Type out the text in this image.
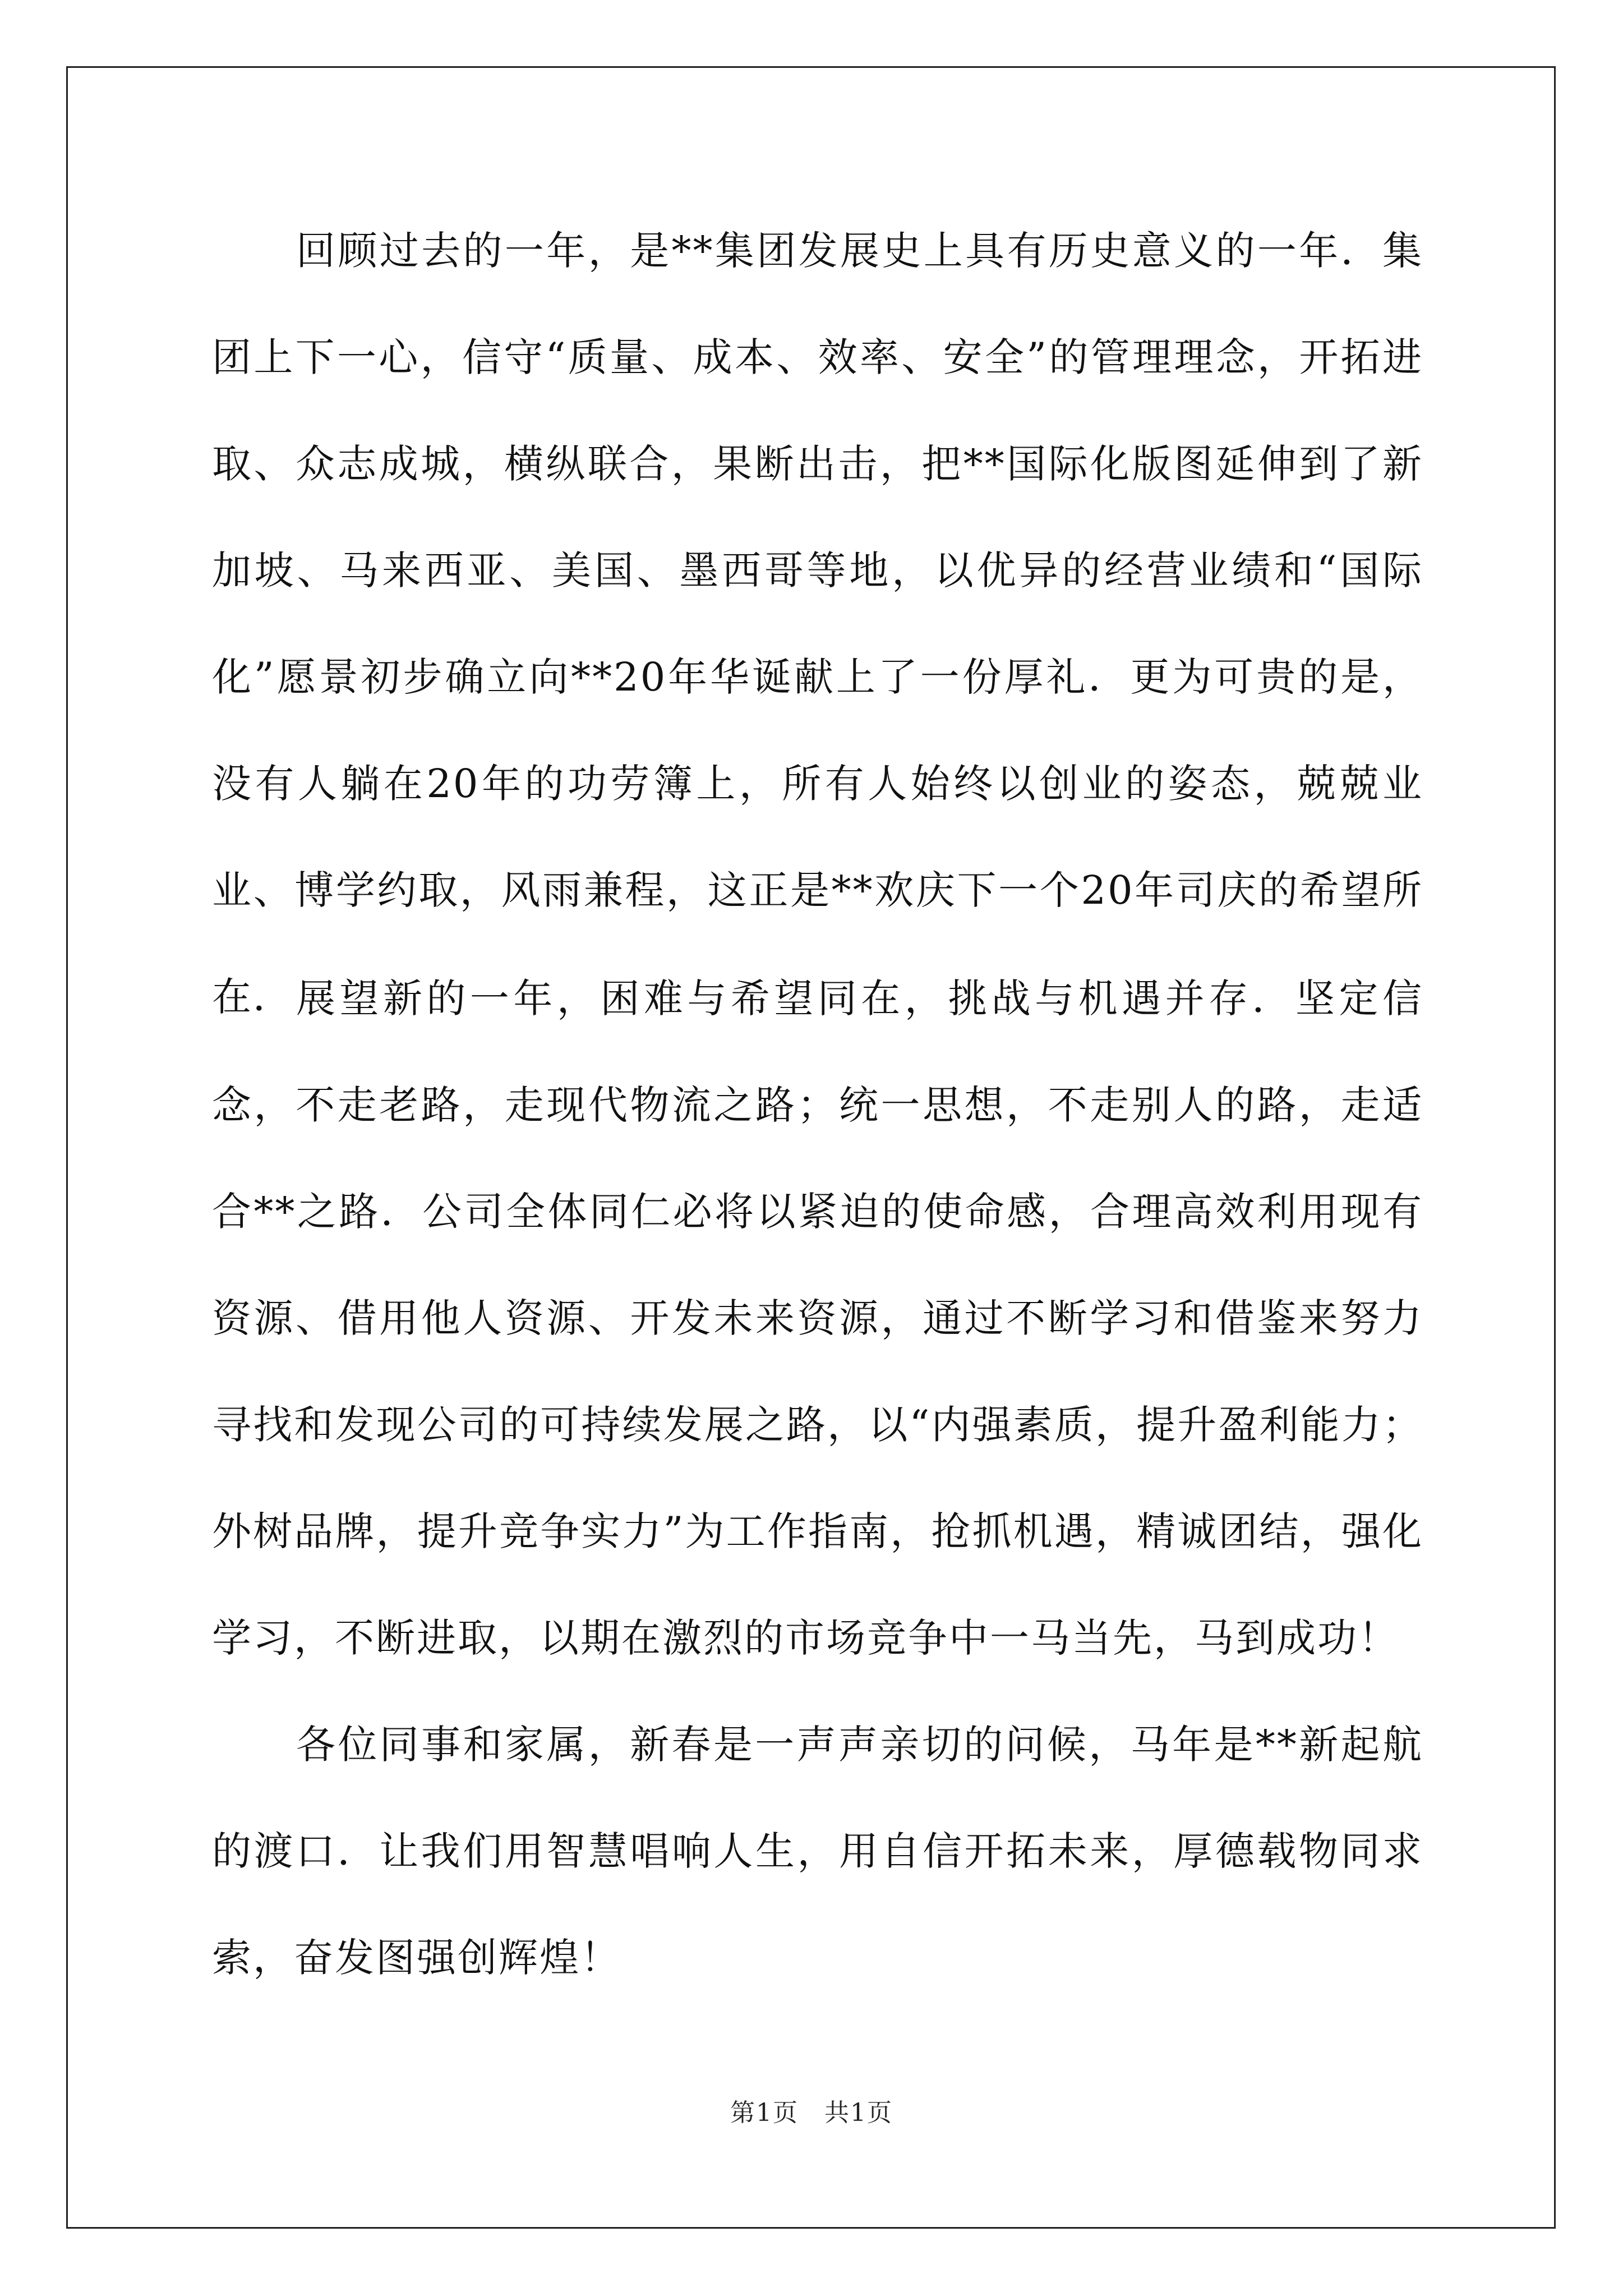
回顾过去的一年，是**集团发展史上具有历史意义的一年．集团上下一心，信守“质量、成本、效率、安全”的管理理念，开拓进取、众志成城，横纵联合，果断出击，把**国际化版图延伸到了新加坡、马来西亚、美国、墨西哥等地，以优异的经营业绩和“国际化”愿景初步确立向**20年华诞献上了一份厚礼．更为可贵的是，没有人躺在20年的功劳簿上，所有人始终以创业的姿态，兢兢业业、博学约取，风雨兼程，这正是**欢庆下一个20年司庆的希望所在． 展望新的一年，困难与希望同在，挑战与机遇并存．坚定信念，不走老路，走现代物流之路；统一思想，不走别人的路，走适合**之路．公司全体同仁必将以紧迫的使命感，合理高效利用现有资源、借用他人资源、开发未来资源，通过不断学习和借鉴来努力寻找和发现公司的可持续发展之路，以“内强素质，提升盈利能力；外树品牌，提升竞争实力”为工作指南，抢抓机遇，精诚团结，强化学习，不断进取，以期在激烈的市场竞争中一马当先，马到成功！

各位同事和家属，新春是一声声亲切的问候，马年是**新起航的渡口．让我们用智慧唱响人生，用自信开拓未来，厚德载物同求索，奋发图强创辉煌！

第1页　共1页
